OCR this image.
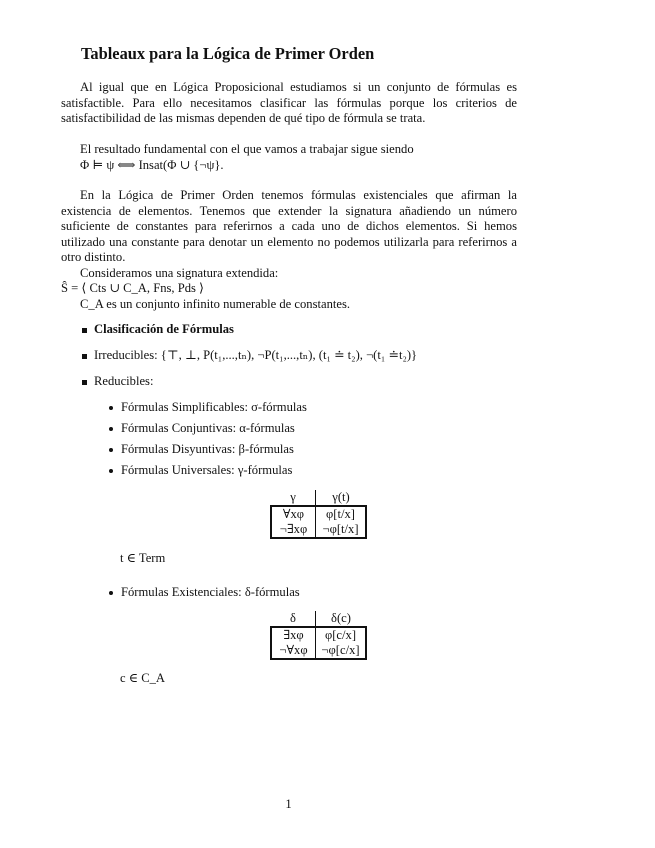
Tableaux para la Lógica de Primer Orden
Al igual que en Lógica Proposicional estudiamos si un conjunto de fórmulas es satisfactible. Para ello necesitamos clasificar las fórmulas porque los criterios de satisfactibilidad de las mismas dependen de qué tipo de fórmula se trata.
El resultado fundamental con el que vamos a trabajar sigue siendo
Φ ⊨ ψ ⟺ Insat(Φ ∪ {¬ψ}.
En la Lógica de Primer Orden tenemos fórmulas existenciales que afirman la existencia de elementos. Tenemos que extender la signatura añadiendo un número suficiente de constantes para referirnos a cada uno de dichos elementos. Si hemos utilizado una constante para denotar un elemento no podemos utilizarla para referirnos a otro distinto.
Consideramos una signatura extendida:
Ŝ = ⟨ Cts ∪ C_A, Fns, Pds ⟩
C_A es un conjunto infinito numerable de constantes.
Clasificación de Fórmulas
Irreducibles: {⊤, ⊥, P(t₁,...,tₙ), ¬P(t₁,...,tₙ), (t₁ ≐ t₂), ¬(t₁ ≐t₂)}
Reducibles:
Fórmulas Simplificables: σ-fórmulas
Fórmulas Conjuntivas: α-fórmulas
Fórmulas Disyuntivas: β-fórmulas
Fórmulas Universales: γ-fórmulas
γ	γ(t)
∀xφ	φ[t/x]
¬∃xφ	¬φ[t/x]
t ∈ Term
Fórmulas Existenciales: δ-fórmulas
δ	δ(c)
∃xφ	φ[c/x]
¬∀xφ	¬φ[c/x]
c ∈ C_A
1
